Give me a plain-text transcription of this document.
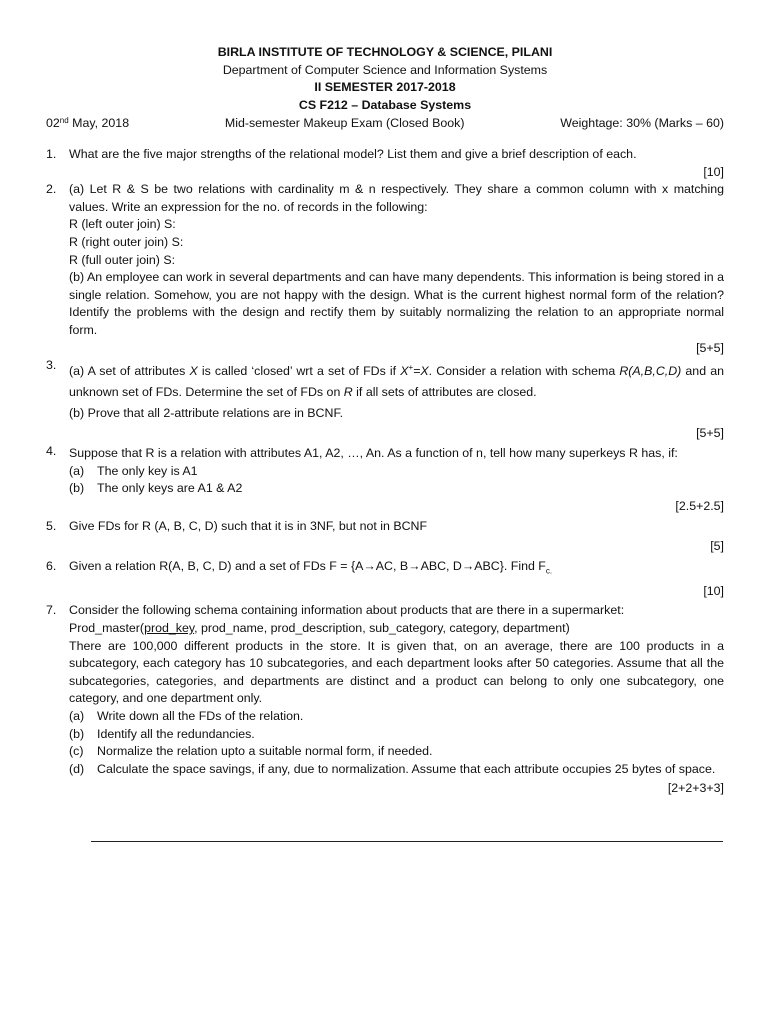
BIRLA INSTITUTE OF TECHNOLOGY & SCIENCE, PILANI
Department of Computer Science and Information Systems
II SEMESTER 2017-2018
CS F212 – Database Systems
02nd May, 2018	Mid-semester Makeup Exam (Closed Book)	Weightage: 30% (Marks – 60)
1.	What are the five major strengths of the relational model? List them and give a brief description of each.
[10]
2.	(a) Let R & S be two relations with cardinality m & n respectively. They share a common column with x matching values. Write an expression for the no. of records in the following:
R (left outer join) S:
R (right outer join) S:
R (full outer join) S:
(b) An employee can work in several departments and can have many dependents. This information is being stored in a single relation. Somehow, you are not happy with the design. What is the current highest normal form of the relation? Identify the problems with the design and rectify them by suitably normalizing the relation to an appropriate normal form.
[5+5]
3.	(a) A set of attributes X is called ‘closed’ wrt a set of FDs if X+=X. Consider a relation with schema R(A,B,C,D) and an unknown set of FDs. Determine the set of FDs on R if all sets of attributes are closed.
(b) Prove that all 2-attribute relations are in BCNF.
[5+5]
4.	Suppose that R is a relation with attributes A1, A2, …, An. As a function of n, tell how many superkeys R has, if:
(a)	The only key is A1
(b)	The only keys are A1 & A2
[2.5+2.5]
5.	Give FDs for R (A, B, C, D) such that it is in 3NF, but not in BCNF
[5]
6.	Given a relation R(A, B, C, D) and a set of FDs F = {A→AC, B→ABC, D→ABC}. Find $F_{c.}$
[10]
7.	Consider the following schema containing information about products that are there in a supermarket:
Prod_master(prod_key, prod_name, prod_description, sub_category, category, department)
There are 100,000 different products in the store. It is given that, on an average, there are 100 products in a subcategory, each category has 10 subcategories, and each department looks after 50 categories. Assume that all the subcategories, categories, and departments are distinct and a product can belong to only one subcategory, one category, and one department only.
(a)	Write down all the FDs of the relation.
(b)	Identify all the redundancies.
(c)	Normalize the relation upto a suitable normal form, if needed.
(d)	Calculate the space savings, if any, due to normalization. Assume that each attribute occupies 25 bytes of space.
[2+2+3+3]
